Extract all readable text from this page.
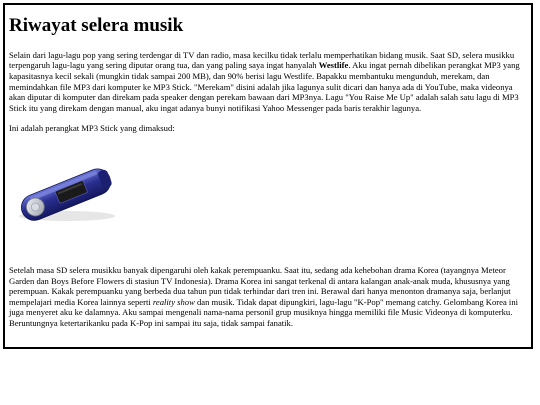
Riwayat selera musik

Selain dari lagu-lagu pop yang sering terdengar di TV dan radio, masa kecilku tidak terlalu memperhatikan bidang musik. Saat SD, selera musikku terpengaruh lagu-lagu yang sering diputar orang tua, dan yang paling saya ingat hanyalah Westlife. Aku ingat pernah dibelikan perangkat MP3 yang kapasitasnya kecil sekali (mungkin tidak sampai 200 MB), dan 90% berisi lagu Westlife. Bapakku membantuku mengunduh, merekam, dan memindahkan file MP3 dari komputer ke MP3 Stick. "Merekam" disini adalah jika lagunya sulit dicari dan hanya ada di YouTube, maka videonya akan diputar di komputer dan direkam pada speaker dengan perekam bawaan dari MP3nya. Lagu "You Raise Me Up" adalah salah satu lagu di MP3 Stick itu yang direkam dengan manual, aku ingat adanya bunyi notifikasi Yahoo Messenger pada baris terakhir lagunya.

Ini adalah perangkat MP3 Stick yang dimaksud:

Setelah masa SD selera musikku banyak dipengaruhi oleh kakak perempuanku. Saat itu, sedang ada kehebohan drama Korea (tayangnya Meteor Garden dan Boys Before Flowers di stasiun TV Indonesia). Drama Korea ini sangat terkenal di antara kalangan anak-anak muda, khususnya yang perempuan. Kakak perempuanku yang berbeda dua tahun pun tidak terhindar dari tren ini. Berawal dari hanya menonton dramanya saja, berlanjut mempelajari media Korea lainnya seperti reality show dan musik. Tidak dapat dipungkiri, lagu-lagu "K-Pop" memang catchy. Gelombang Korea ini juga menyeret aku ke dalamnya. Aku sampai mengenali nama-nama personil grup musiknya hingga memiliki file Music Videonya di komputerku. Beruntungnya ketertarikanku pada K-Pop ini sampai itu saja, tidak sampai fanatik.
